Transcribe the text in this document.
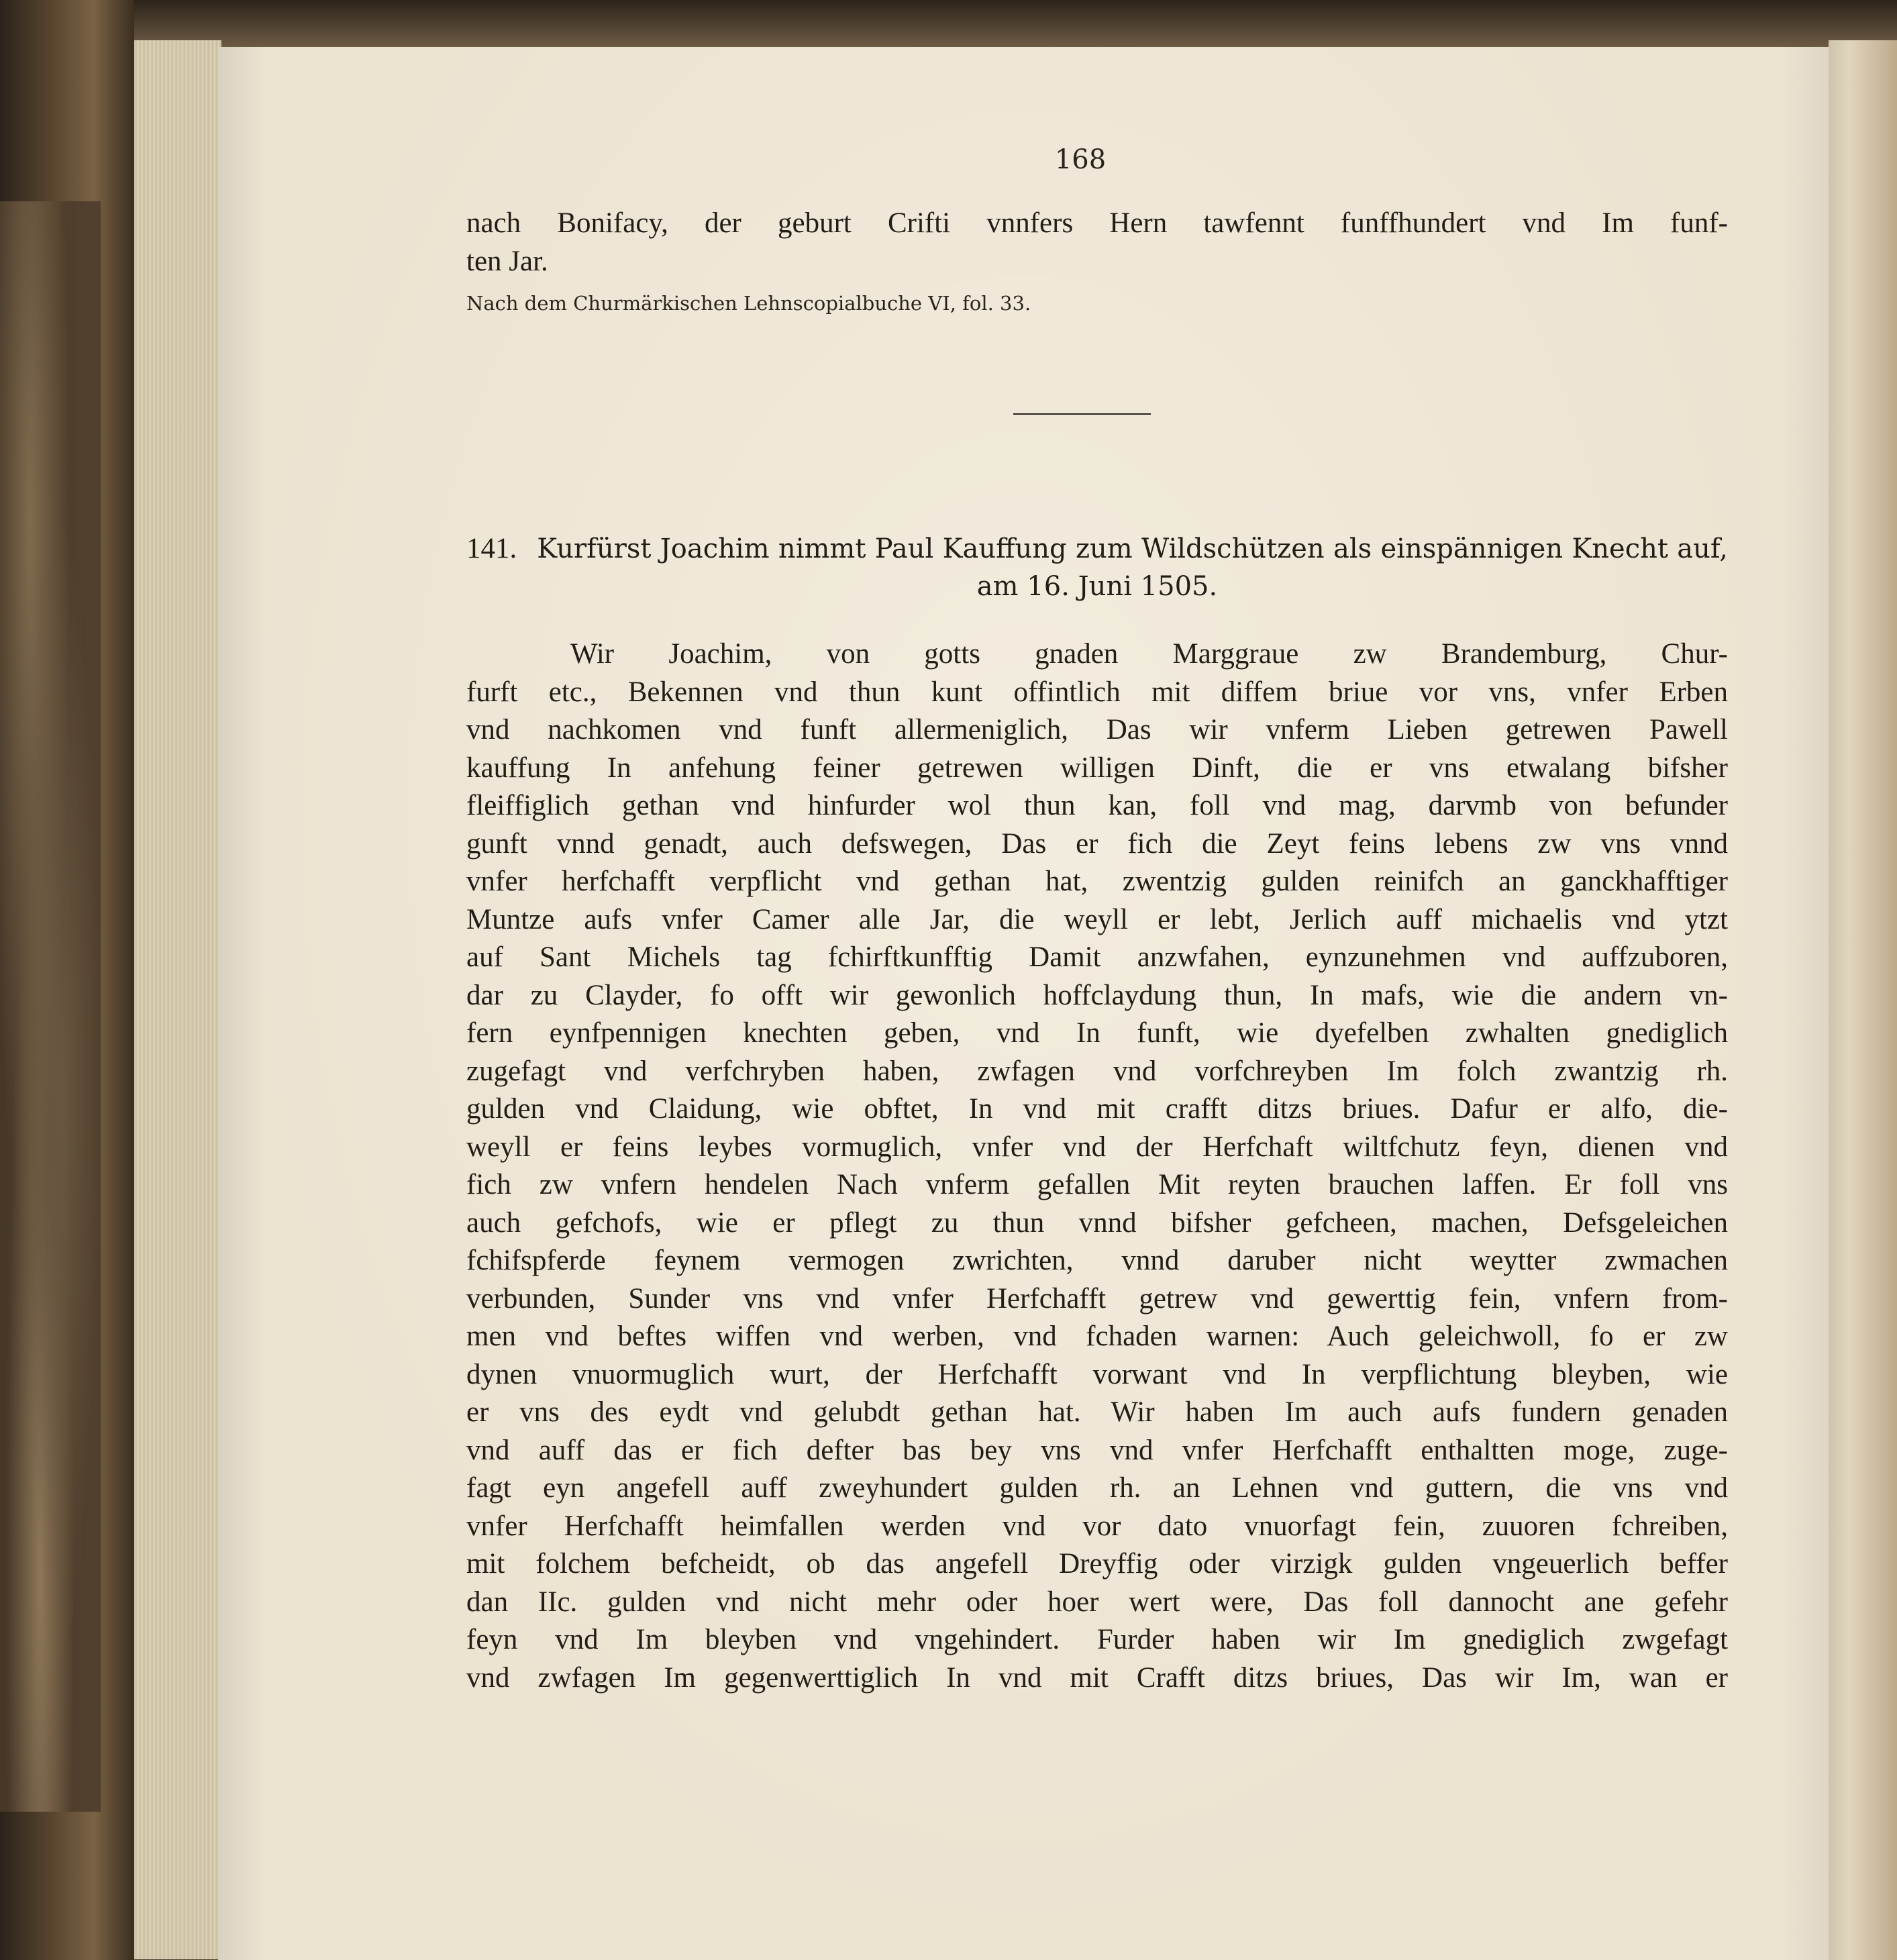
168

nach Bonifacy, der geburt Crifti vnnfers Hern tawfennt funffhundert vnd Im funf-

ten Jar.

Nach dem Churmärkischen Lehnscopialbuche VI, fol. 33.
141. Kurfürst Joachim nimmt Paul Kauffung zum Wildschützen als einspännigen Knecht auf,
am 16. Juni 1505.

Wir Joachim, von gotts gnaden Marggraue zw Brandemburg, Chur-

furft etc., Bekennen vnd thun kunt offintlich mit diffem briue vor vns, vnfer Erben

vnd nachkomen vnd funft allermeniglich, Das wir vnferm Lieben getrewen Pawell

kauffung In anfehung feiner getrewen willigen Dinft, die er vns etwalang bifsher

fleiffiglich gethan vnd hinfurder wol thun kan, foll vnd mag, darvmb von befunder

gunft vnnd genadt, auch defswegen, Das er fich die Zeyt feins lebens zw vns vnnd

vnfer herfchafft verpflicht vnd gethan hat, zwentzig gulden reinifch an ganckhafftiger

Muntze aufs vnfer Camer alle Jar, die weyll er lebt, Jerlich auff michaelis vnd ytzt

auf Sant Michels tag fchirftkunfftig Damit anzwfahen, eynzunehmen vnd auffzuboren,

dar zu Clayder, fo offt wir gewonlich hoffclaydung thun, In mafs, wie die andern vn-

fern eynfpennigen knechten geben, vnd In funft, wie dyefelben zwhalten gnediglich

zugefagt vnd verfchryben haben, zwfagen vnd vorfchreyben Im folch zwantzig rh.

gulden vnd Claidung, wie obftet, In vnd mit crafft ditzs briues. Dafur er alfo, die-

weyll er feins leybes vormuglich, vnfer vnd der Herfchaft wiltfchutz feyn, dienen vnd

fich zw vnfern hendelen Nach vnferm gefallen Mit reyten brauchen laffen. Er foll vns

auch gefchofs, wie er pflegt zu thun vnnd bifsher gefcheen, machen, Defsgeleichen

fchifspferde feynem vermogen zwrichten, vnnd daruber nicht weytter zwmachen

verbunden, Sunder vns vnd vnfer Herfchafft getrew vnd gewerttig fein, vnfern from-

men vnd beftes wiffen vnd werben, vnd fchaden warnen: Auch geleichwoll, fo er zw

dynen vnuormuglich wurt, der Herfchafft vorwant vnd In verpflichtung bleyben, wie

er vns des eydt vnd gelubdt gethan hat. Wir haben Im auch aufs fundern genaden

vnd auff das er fich defter bas bey vns vnd vnfer Herfchafft enthaltten moge, zuge-

fagt eyn angefell auff zweyhundert gulden rh. an Lehnen vnd guttern, die vns vnd

vnfer Herfchafft heimfallen werden vnd vor dato vnuorfagt fein, zuuoren fchreiben,

mit folchem befcheidt, ob das angefell Dreyffig oder virzigk gulden vngeuerlich beffer

dan IIc. gulden vnd nicht mehr oder hoer wert were, Das foll dannocht ane gefehr

feyn vnd Im bleyben vnd vngehindert. Furder haben wir Im gnediglich zwgefagt

vnd zwfagen Im gegenwerttiglich In vnd mit Crafft ditzs briues, Das wir Im, wan er
